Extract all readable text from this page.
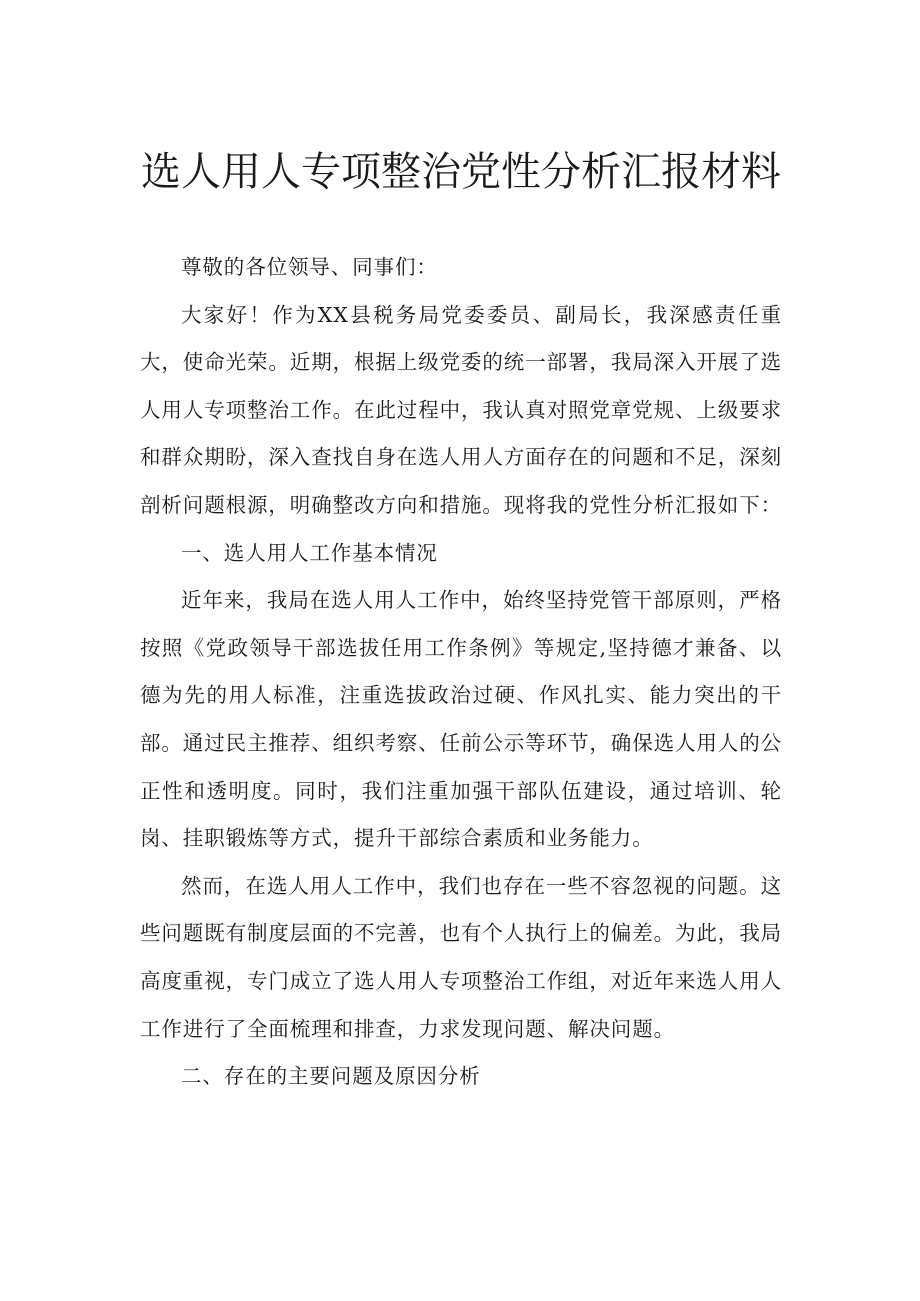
选人用人专项整治党性分析汇报材料

尊敬的各位领导、同事们：

大家好！作为XX县税务局党委委员、副局长，我深感责任重大，使命光荣。近期，根据上级党委的统一部署，我局深入开展了选人用人专项整治工作。在此过程中，我认真对照党章党规、上级要求和群众期盼，深入查找自身在选人用人方面存在的问题和不足，深刻剖析问题根源，明确整改方向和措施。现将我的党性分析汇报如下：

一、选人用人工作基本情况

近年来，我局在选人用人工作中，始终坚持党管干部原则，严格按照《党政领导干部选拔任用工作条例》等规定,坚持德才兼备、以德为先的用人标准，注重选拔政治过硬、作风扎实、能力突出的干部。通过民主推荐、组织考察、任前公示等环节，确保选人用人的公正性和透明度。同时，我们注重加强干部队伍建设，通过培训、轮岗、挂职锻炼等方式，提升干部综合素质和业务能力。

然而，在选人用人工作中，我们也存在一些不容忽视的问题。这些问题既有制度层面的不完善，也有个人执行上的偏差。为此，我局高度重视，专门成立了选人用人专项整治工作组，对近年来选人用人工作进行了全面梳理和排查，力求发现问题、解决问题。

二、存在的主要问题及原因分析
